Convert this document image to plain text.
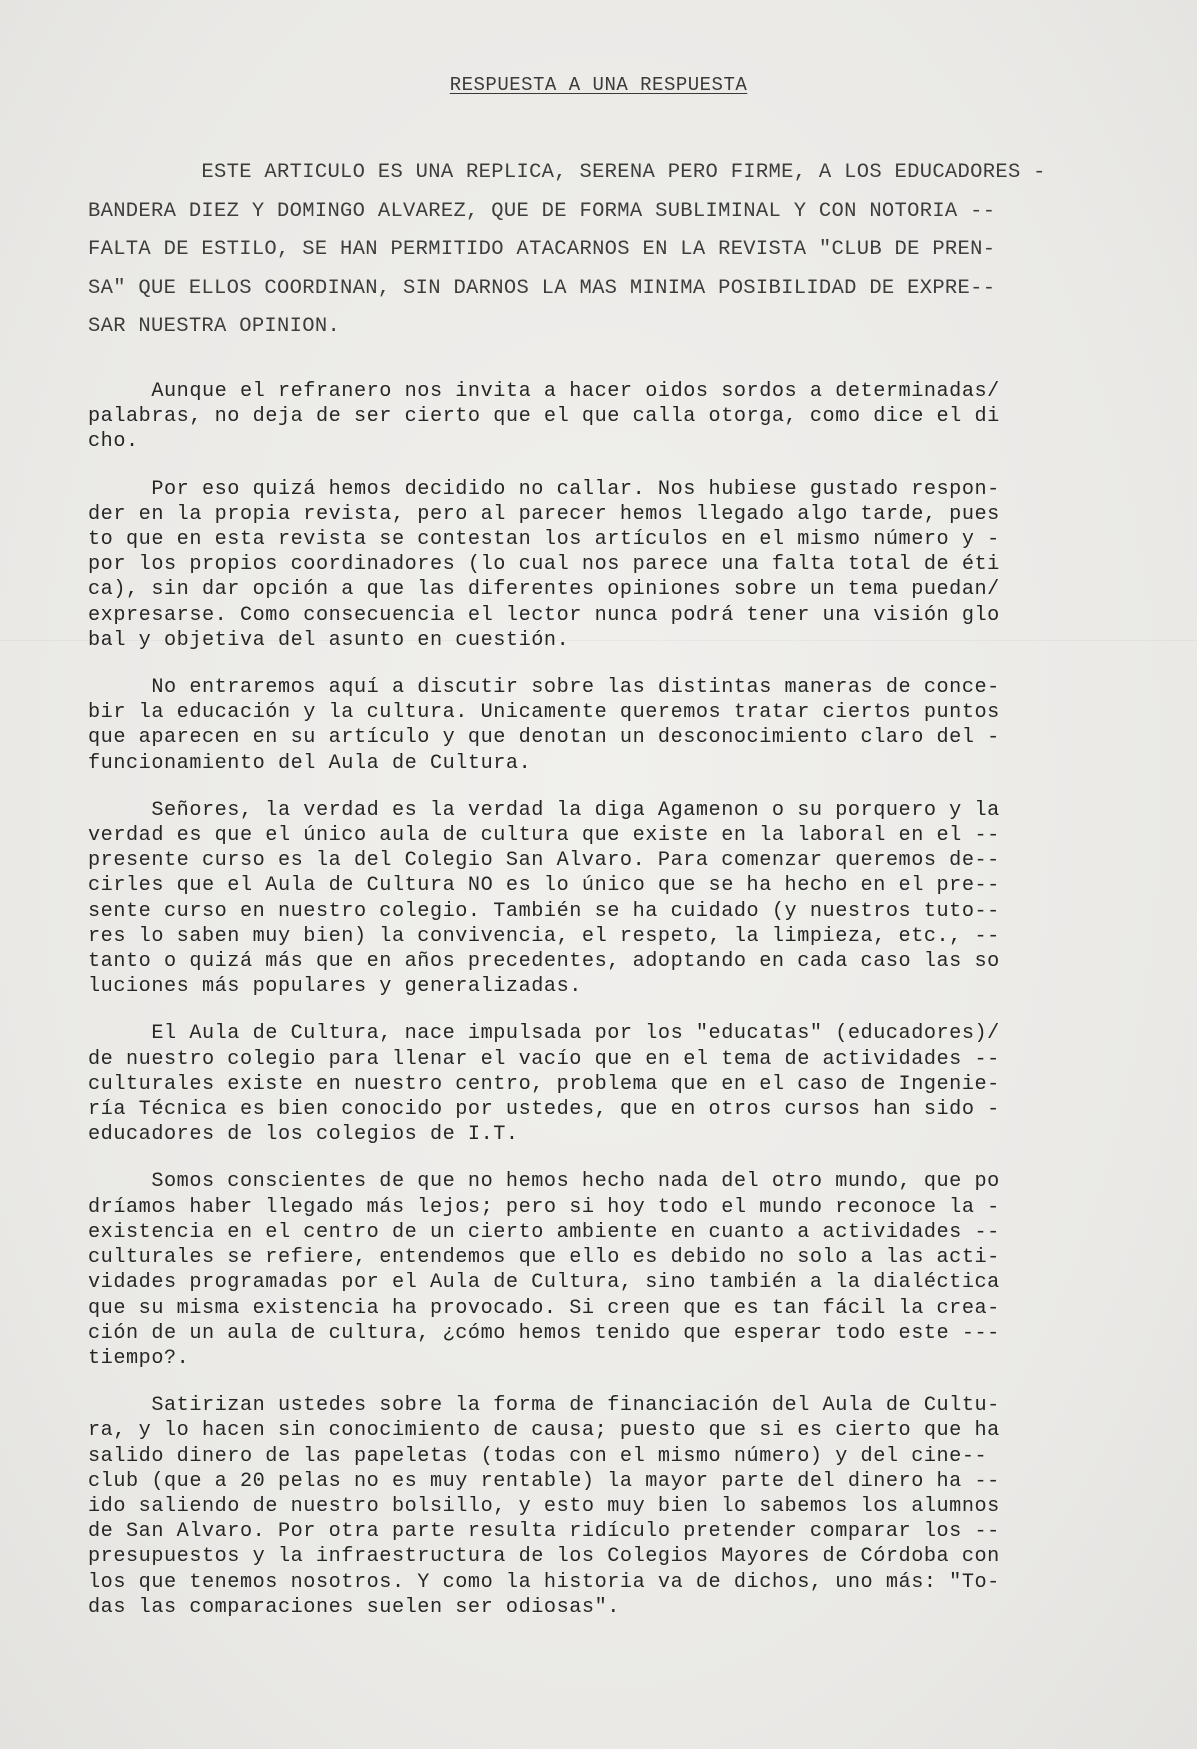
RESPUESTA A UNA RESPUESTA
ESTE ARTICULO ES UNA REPLICA, SERENA PERO FIRME, A LOS EDUCADORES -
BANDERA DIEZ Y DOMINGO ALVAREZ, QUE DE FORMA SUBLIMINAL Y CON NOTORIA --
FALTA DE ESTILO, SE HAN PERMITIDO ATACARNOS EN LA REVISTA "CLUB DE PREN-
SA" QUE ELLOS COORDINAN, SIN DARNOS LA MAS MINIMA POSIBILIDAD DE EXPRE--
SAR NUESTRA OPINION.
Aunque el refranero nos invita a hacer oidos sordos a determinadas/
palabras, no deja de ser cierto que el que calla otorga, como dice el di
cho.
Por eso quizá hemos decidido no callar. Nos hubiese gustado respon-
der en la propia revista, pero al parecer hemos llegado algo tarde, pues
to que en esta revista se contestan los artículos en el mismo número y -
por los propios coordinadores (lo cual nos parece una falta total de éti
ca), sin dar opción a que las diferentes opiniones sobre un tema puedan/
expresarse. Como consecuencia el lector nunca podrá tener una visión glo
bal y objetiva del asunto en cuestión.
No entraremos aquí a discutir sobre las distintas maneras de conce-
bir la educación y la cultura. Unicamente queremos tratar ciertos puntos
que aparecen en su artículo y que denotan un desconocimiento claro del -
funcionamiento del Aula de Cultura.
Señores, la verdad es la verdad la diga Agamenon o su porquero y la
verdad es que el único aula de cultura que existe en la laboral en el --
presente curso es la del Colegio San Alvaro. Para comenzar queremos de--
cirles que el Aula de Cultura NO es lo único que se ha hecho en el pre--
sente curso en nuestro colegio. También se ha cuidado (y nuestros tuto--
res lo saben muy bien) la convivencia, el respeto, la limpieza, etc., --
tanto o quizá más que en años precedentes, adoptando en cada caso las so
luciones más populares y generalizadas.
El Aula de Cultura, nace impulsada por los "educatas" (educadores)/
de nuestro colegio para llenar el vacío que en el tema de actividades --
culturales existe en nuestro centro, problema que en el caso de Ingenie-
ría Técnica es bien conocido por ustedes, que en otros cursos han sido -
educadores de los colegios de I.T.
Somos conscientes de que no hemos hecho nada del otro mundo, que po
dríamos haber llegado más lejos; pero si hoy todo el mundo reconoce la -
existencia en el centro de un cierto ambiente en cuanto a actividades --
culturales se refiere, entendemos que ello es debido no solo a las acti-
vidades programadas por el Aula de Cultura, sino también a la dialéctica
que su misma existencia ha provocado. Si creen que es tan fácil la crea-
ción de un aula de cultura, ¿cómo hemos tenido que esperar todo este ---
tiempo?.
Satirizan ustedes sobre la forma de financiación del Aula de Cultu-
ra, y lo hacen sin conocimiento de causa; puesto que si es cierto que ha
salido dinero de las papeletas (todas con el mismo número) y del cine--
club (que a 20 pelas no es muy rentable) la mayor parte del dinero ha --
ido saliendo de nuestro bolsillo, y esto muy bien lo sabemos los alumnos
de San Alvaro. Por otra parte resulta ridículo pretender comparar los --
presupuestos y la infraestructura de los Colegios Mayores de Córdoba con
los que tenemos nosotros. Y como la historia va de dichos, uno más: "To-
das las comparaciones suelen ser odiosas".
